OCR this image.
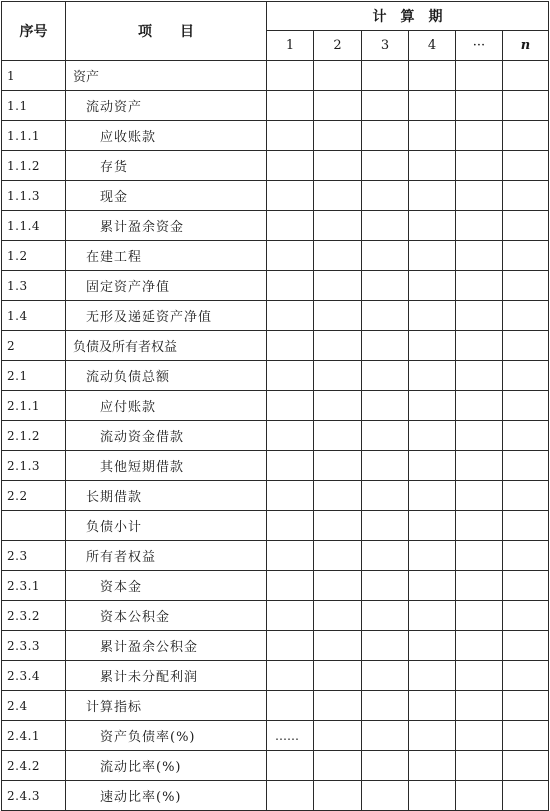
序号	项　　目	计　算　期					
		1	2	3	4	···	n
1	资产						
1.1	流动资产						
1.1.1	应收账款						
1.1.2	存货						
1.1.3	现金						
1.1.4	累计盈余资金						
1.2	在建工程						
1.3	固定资产净值						
1.4	无形及递延资产净值						
2	负债及所有者权益						
2.1	流动负债总额						
2.1.1	应付账款						
2.1.2	流动资金借款						
2.1.3	其他短期借款						
2.2	长期借款						
	负债小计						
2.3	所有者权益						
2.3.1	资本金						
2.3.2	资本公积金						
2.3.3	累计盈余公积金						
2.3.4	累计未分配利润						
2.4	计算指标						
2.4.1	资产负债率(%)	……					
2.4.2	流动比率(%)						
2.4.3	速动比率(%)						
